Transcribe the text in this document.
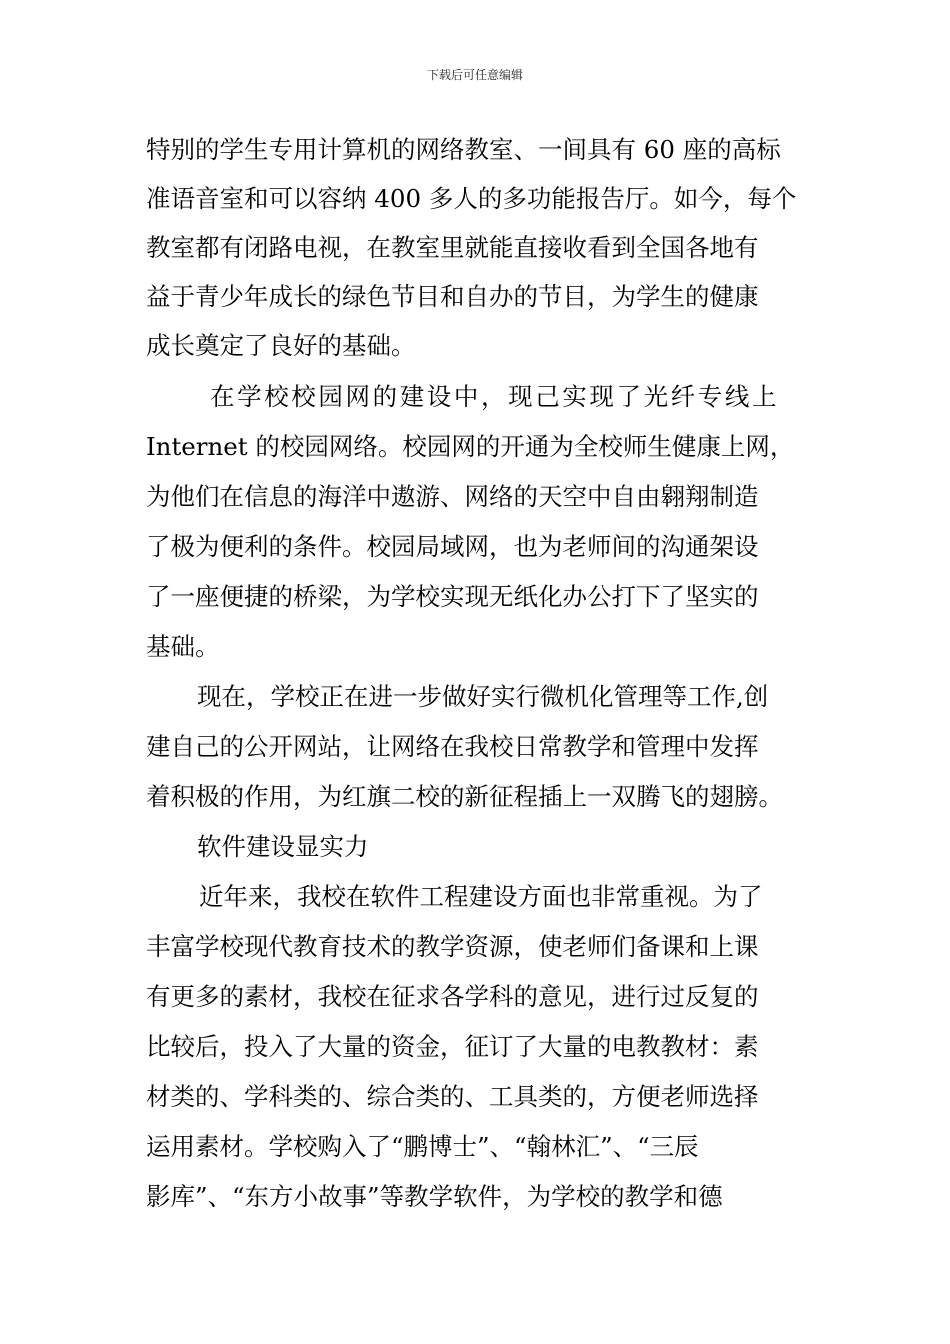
下载后可任意编辑
特别的学生专用计算机的网络教室、一间具有 60 座的高标
准语音室和可以容纳 400 多人的多功能报告厅。如今，每个
教室都有闭路电视，在教室里就能直接收看到全国各地有
益于青少年成长的绿色节目和自办的节目，为学生的健康
成长奠定了良好的基础。
在学校校园网的建设中，现己实现了光纤专线上
Internet 的校园网络。校园网的开通为全校师生健康上网，
为他们在信息的海洋中遨游、网络的天空中自由翱翔制造
了极为便利的条件。校园局域网，也为老师间的沟通架设
了一座便捷的桥梁，为学校实现无纸化办公打下了坚实的
基础。
现在，学校正在进一步做好实行微机化管理等工作,创
建自己的公开网站，让网络在我校日常教学和管理中发挥
着积极的作用，为红旗二校的新征程插上一双腾飞的翅膀。
软件建设显实力
近年来，我校在软件工程建设方面也非常重视。为了
丰富学校现代教育技术的教学资源，使老师们备课和上课
有更多的素材，我校在征求各学科的意见，进行过反复的
比较后，投入了大量的资金，征订了大量的电教教材：素
材类的、学科类的、综合类的、工具类的，方便老师选择
运用素材。学校购入了“鹏博士”、“翰林汇”、“三辰
影库”、“东方小故事”等教学软件，为学校的教学和德
